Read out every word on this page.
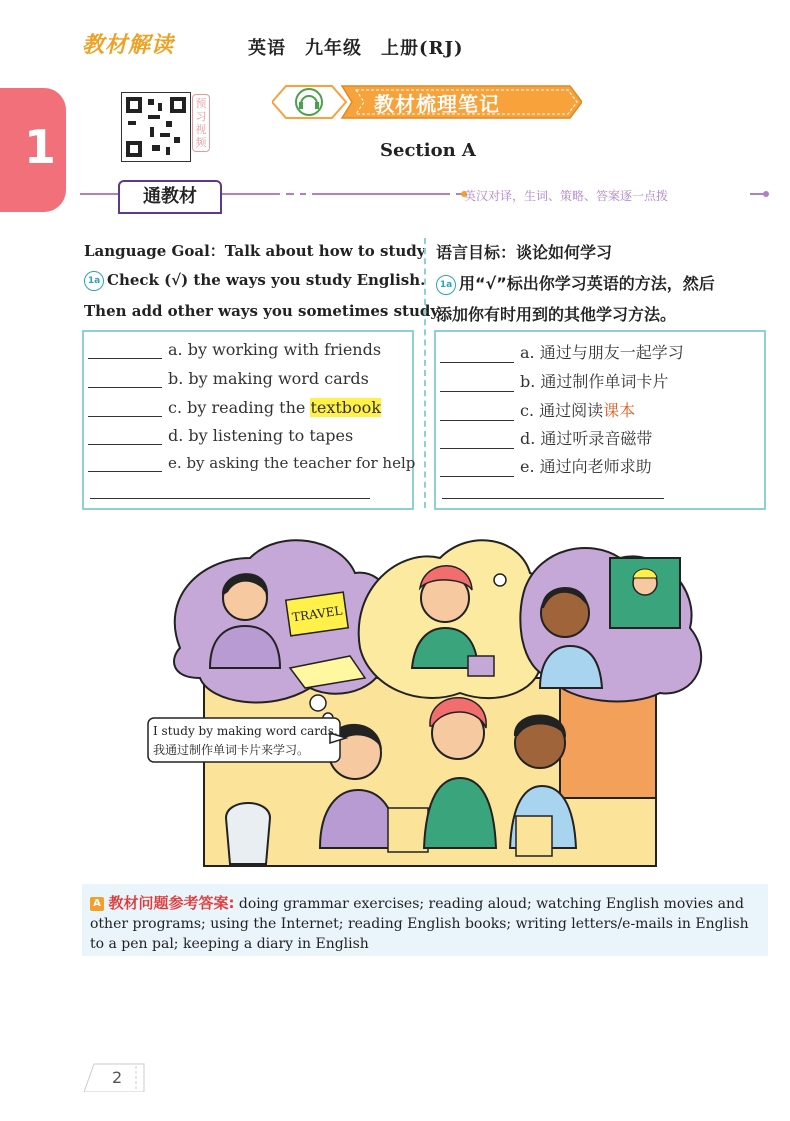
教材解读	英语　九年级　上册(RJ)
1
预习视频
教材梳理笔记
Section A
通教材	英汉对译，生词、策略、答案逐一点拨
Language Goal：Talk about how to study
1a Check (√) the ways you study English.
Then add other ways you sometimes study.
a. by working with friends
b. by making word cards
c. by reading the textbook
d. by listening to tapes
e. by asking the teacher for help
语言目标：谈论如何学习
1a 用“√”标出你学习英语的方法，然后
添加你有时用到的其他学习方法。
a. 通过与朋友一起学习
b. 通过制作单词卡片
c. 通过阅读课本
d. 通过听录音磁带
e. 通过向老师求助
TRAVEL
I study by making word cards.
我通过制作单词卡片来学习。
A 教材问题参考答案: doing grammar exercises; reading aloud; watching English movies and other programs; using the Internet; reading English books; writing letters/e-mails in English to a pen pal; keeping a diary in English
2
